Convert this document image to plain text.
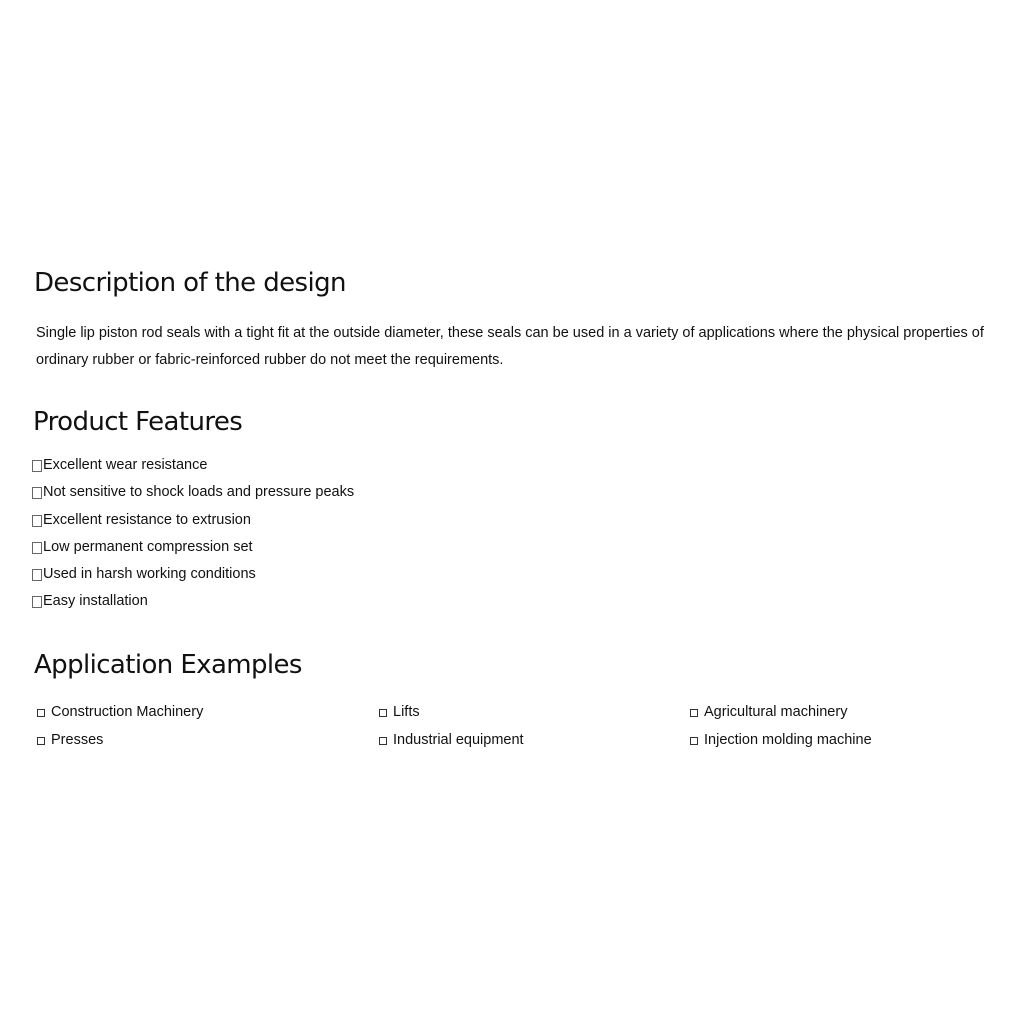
Description of the design

Single lip piston rod seals with a tight fit at the outside diameter, these seals can be used in a variety of applications where the physical properties of ordinary rubber or fabric-reinforced rubber do not meet the requirements.

Product Features
Excellent wear resistance
Not sensitive to shock loads and pressure peaks
Excellent resistance to extrusion
Low permanent compression set
Used in harsh working conditions
Easy installation
Application Examples
Construction Machinery	Lifts	Agricultural machinery
Presses	Industrial equipment	Injection molding machine
